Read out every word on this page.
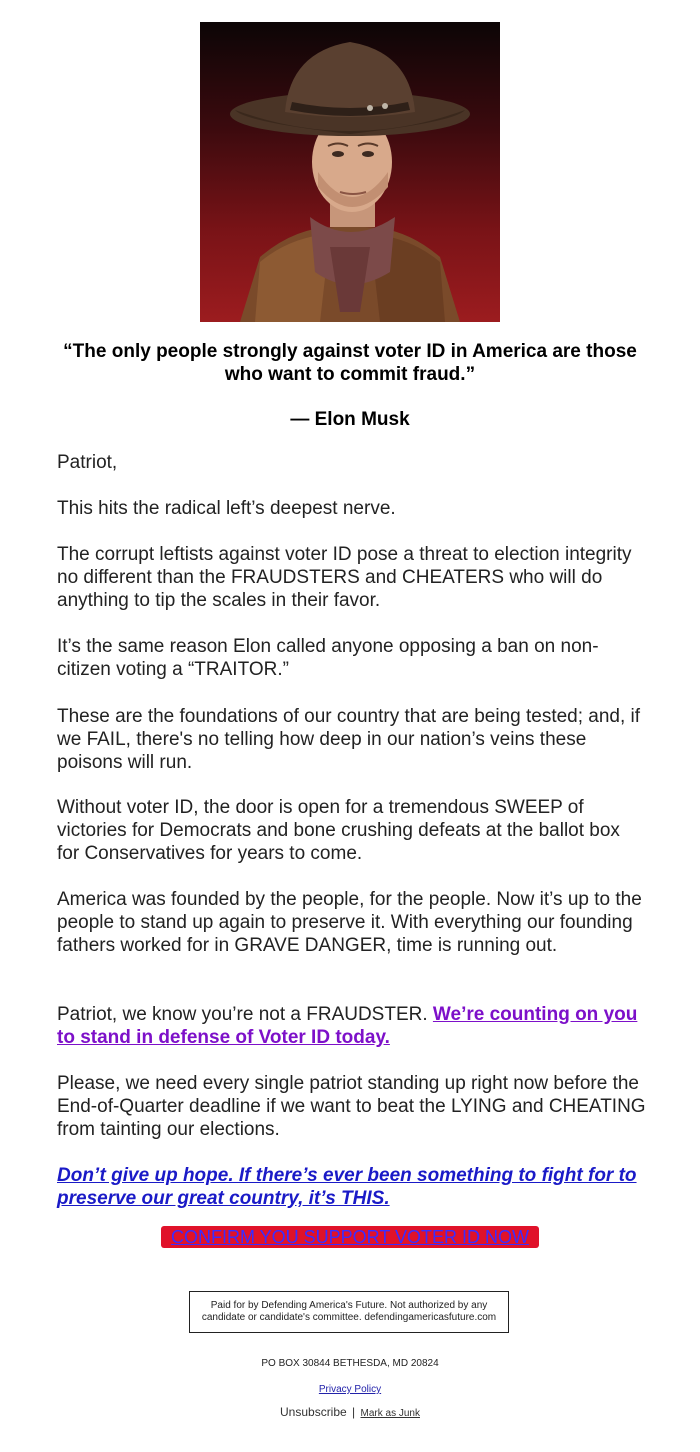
“The only people strongly against voter ID in America are those who want to commit fraud.”

— Elon Musk

Patriot,

This hits the radical left’s deepest nerve.

The corrupt leftists against voter ID pose a threat to election integrity no different than the FRAUDSTERS and CHEATERS who will do anything to tip the scales in their favor.

It’s the same reason Elon called anyone opposing a ban on non-citizen voting a “TRAITOR.”

These are the foundations of our country that are being tested; and, if we FAIL, there's no telling how deep in our nation’s veins these poisons will run.

Without voter ID, the door is open for a tremendous SWEEP of victories for Democrats and bone crushing defeats at the ballot box for Conservatives for years to come.

America was founded by the people, for the people. Now it’s up to the people to stand up again to preserve it. With everything our founding fathers worked for in GRAVE DANGER, time is running out.

Patriot, we know you’re not a FRAUDSTER. We’re counting on you to stand in defense of Voter ID today.

Please, we need every single patriot standing up right now before the End-of-Quarter deadline if we want to beat the LYING and CHEATING from tainting our elections.

Don’t give up hope. If there’s ever been something to fight for to preserve our great country, it’s THIS.

CONFIRM YOU SUPPORT VOTER ID NOW
Paid for by Defending America's Future. Not authorized by any candidate or candidate's committee. defendingamericasfuture.com
PO BOX 30844 BETHESDA, MD 20824
Privacy Policy
Unsubscribe | Mark as Junk
